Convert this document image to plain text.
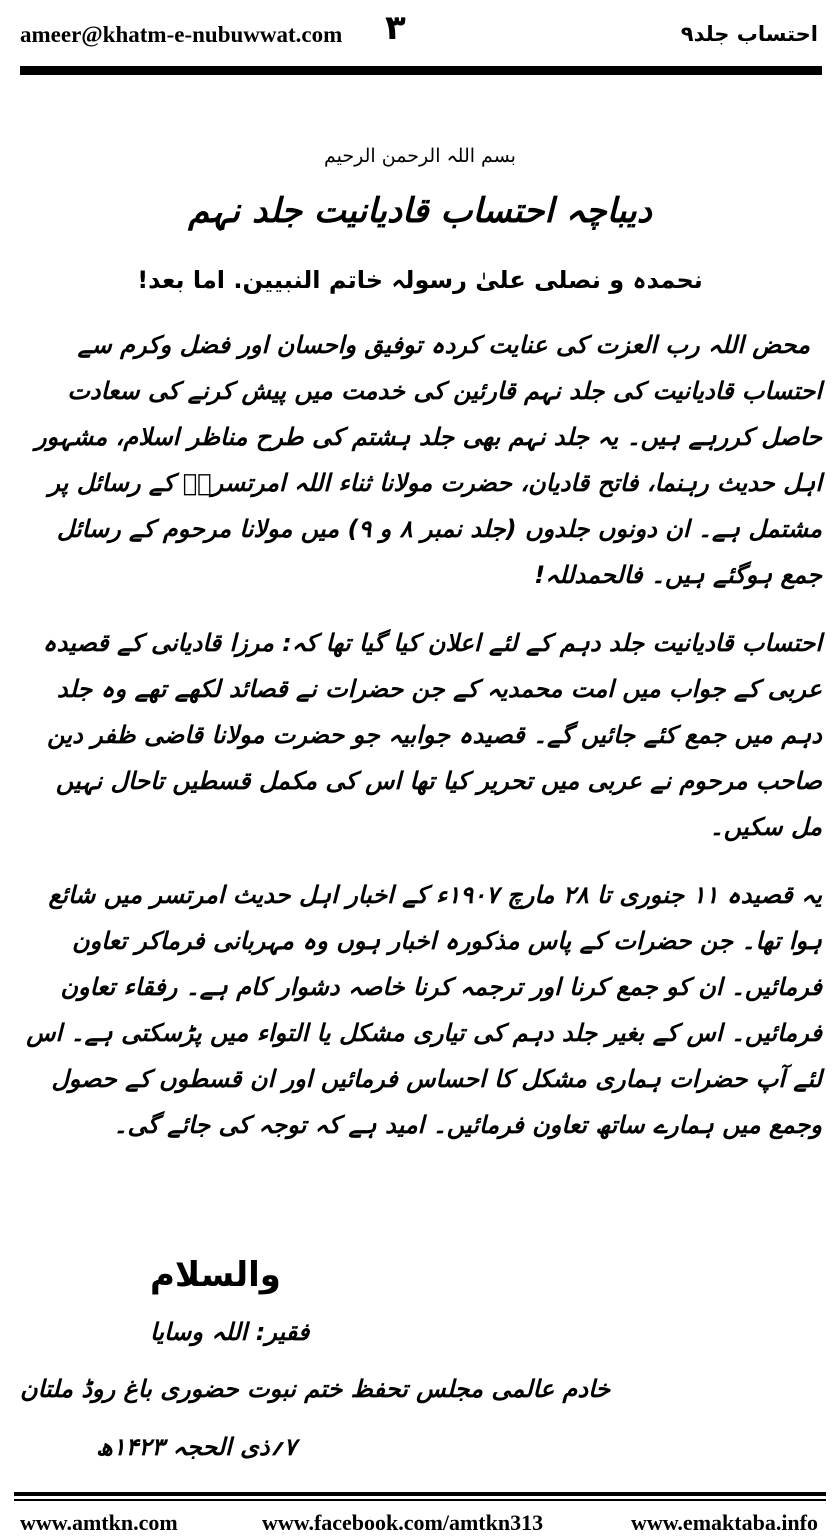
ameer@khatm-e-nubuwwat.com ۳	احتساب جلد۹
بسم اللہ الرحمن الرحیم
دیباچہ احتساب قادیانیت جلد نہم
نحمدہ و نصلی علیٰ رسولہ خاتم النبیین. اما بعد!

محض اللہ رب العزت کی عنایت کردہ توفیق واحسان اور فضل وکرم سے احتساب قادیانیت کی جلد نہم قارئین کی خدمت میں پیش کرنے کی سعادت حاصل کررہے ہیں۔ یہ جلد نہم بھی جلد ہشتم کی طرح مناظر اسلام، مشہور اہل حدیث رہنما، فاتح قادیان، حضرت مولانا ثناء اللہ امرتسریؒ کے رسائل پر مشتمل ہے۔ ان دونوں جلدوں (جلد نمبر ۸ و ۹) میں مولانا مرحوم کے رسائل جمع ہوگئے ہیں۔ فالحمدللہ!

احتساب قادیانیت جلد دہم کے لئے اعلان کیا گیا تھا کہ: مرزا قادیانی کے قصیدہ عربی کے جواب میں امت محمدیہ کے جن حضرات نے قصائد لکھے تھے وہ جلد دہم میں جمع کئے جائیں گے۔ قصیدہ جوابیہ جو حضرت مولانا قاضی ظفر دین صاحب مرحوم نے عربی میں تحریر کیا تھا اس کی مکمل قسطیں تاحال نہیں مل سکیں۔

یہ قصیدہ ۱۱ جنوری تا ۲۸ مارچ ۱۹۰۷ء کے اخبار اہل حدیث امرتسر میں شائع ہوا تھا۔ جن حضرات کے پاس مذکورہ اخبار ہوں وہ مہربانی فرماکر تعاون فرمائیں۔ ان کو جمع کرنا اور ترجمہ کرنا خاصہ دشوار کام ہے۔ رفقاء تعاون فرمائیں۔ اس کے بغیر جلد دہم کی تیاری مشکل یا التواء میں پڑسکتی ہے۔ اس لئے آپ حضرات ہماری مشکل کا احساس فرمائیں اور ان قسطوں کے حصول وجمع میں ہمارے ساتھ تعاون فرمائیں۔ امید ہے کہ توجہ کی جائے گی۔

والسلام
فقیر: اللہ وسایا
خادم عالمی مجلس تحفظ ختم نبوت حضوری باغ روڈ ملتان
۷؍ذی الحجہ ۱۴۲۳ھ
www.amtkn.com	www.facebook.com/amtkn313	www.emaktaba.info
